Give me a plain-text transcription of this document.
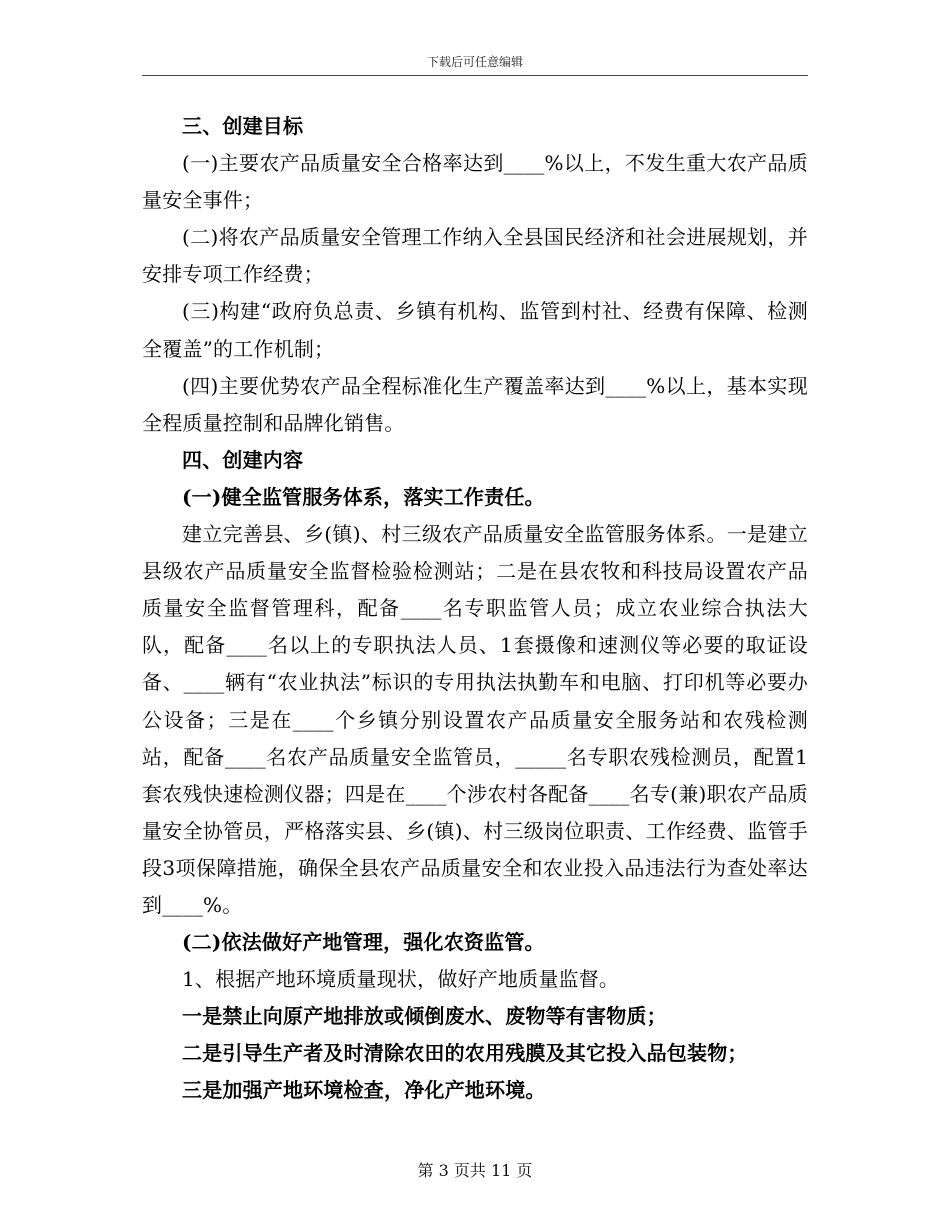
下载后可任意编辑

三、创建目标

(一)主要农产品质量安全合格率达到____%以上，不发生重大农产品质量安全事件；

(二)将农产品质量安全管理工作纳入全县国民经济和社会进展规划，并安排专项工作经费；

(三)构建“政府负总责、乡镇有机构、监管到村社、经费有保障、检测全覆盖”的工作机制；

(四)主要优势农产品全程标准化生产覆盖率达到____%以上，基本实现全程质量控制和品牌化销售。

四、创建内容

(一)健全监管服务体系，落实工作责任。

建立完善县、乡(镇)、村三级农产品质量安全监管服务体系。一是建立县级农产品质量安全监督检验检测站；二是在县农牧和科技局设置农产品质量安全监督管理科，配备____名专职监管人员；成立农业综合执法大队，配备____名以上的专职执法人员、1套摄像和速测仪等必要的取证设备、____辆有“农业执法”标识的专用执法执勤车和电脑、打印机等必要办公设备；三是在____个乡镇分别设置农产品质量安全服务站和农残检测站，配备____名农产品质量安全监管员，_____名专职农残检测员，配置1套农残快速检测仪器；四是在____个涉农村各配备____名专(兼)职农产品质量安全协管员，严格落实县、乡(镇)、村三级岗位职责、工作经费、监管手段3项保障措施，确保全县农产品质量安全和农业投入品违法行为查处率达到____%。

(二)依法做好产地管理，强化农资监管。

1、根据产地环境质量现状，做好产地质量监督。

一是禁止向原产地排放或倾倒废水、废物等有害物质；

二是引导生产者及时清除农田的农用残膜及其它投入品包装物；

三是加强产地环境检查，净化产地环境。

第 3 页共 11 页
